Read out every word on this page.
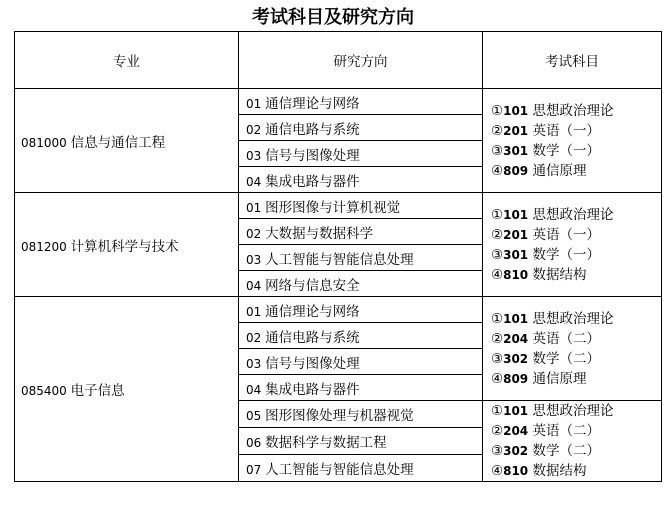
考试科目及研究方向
专业	研究方向	考试科目
081000 信息与通信工程	01 通信理论与网络	①101 思想政治理论
②201 英语（一）
③301 数学（一）
④809 通信原理

	02 通信电路与系统	
	03 信号与图像处理	
	04 集成电路与器件	
081200 计算机科学与技术	01 图形图像与计算机视觉	①101 思想政治理论
②201 英语（一）
③301 数学（一）
④810 数据结构

	02 大数据与数据科学	
	03 人工智能与智能信息处理	
	04 网络与信息安全	
085400 电子信息	01 通信理论与网络	①101 思想政治理论
②204 英语（二）
③302 数学（二）
④809 通信原理

	02 通信电路与系统	
	03 信号与图像处理	
	04 集成电路与器件	
	05 图形图像处理与机器视觉	①101 思想政治理论
②204 英语（二）
③302 数学（二）
④810 数据结构

	06 数据科学与数据工程	
	07 人工智能与智能信息处理	
